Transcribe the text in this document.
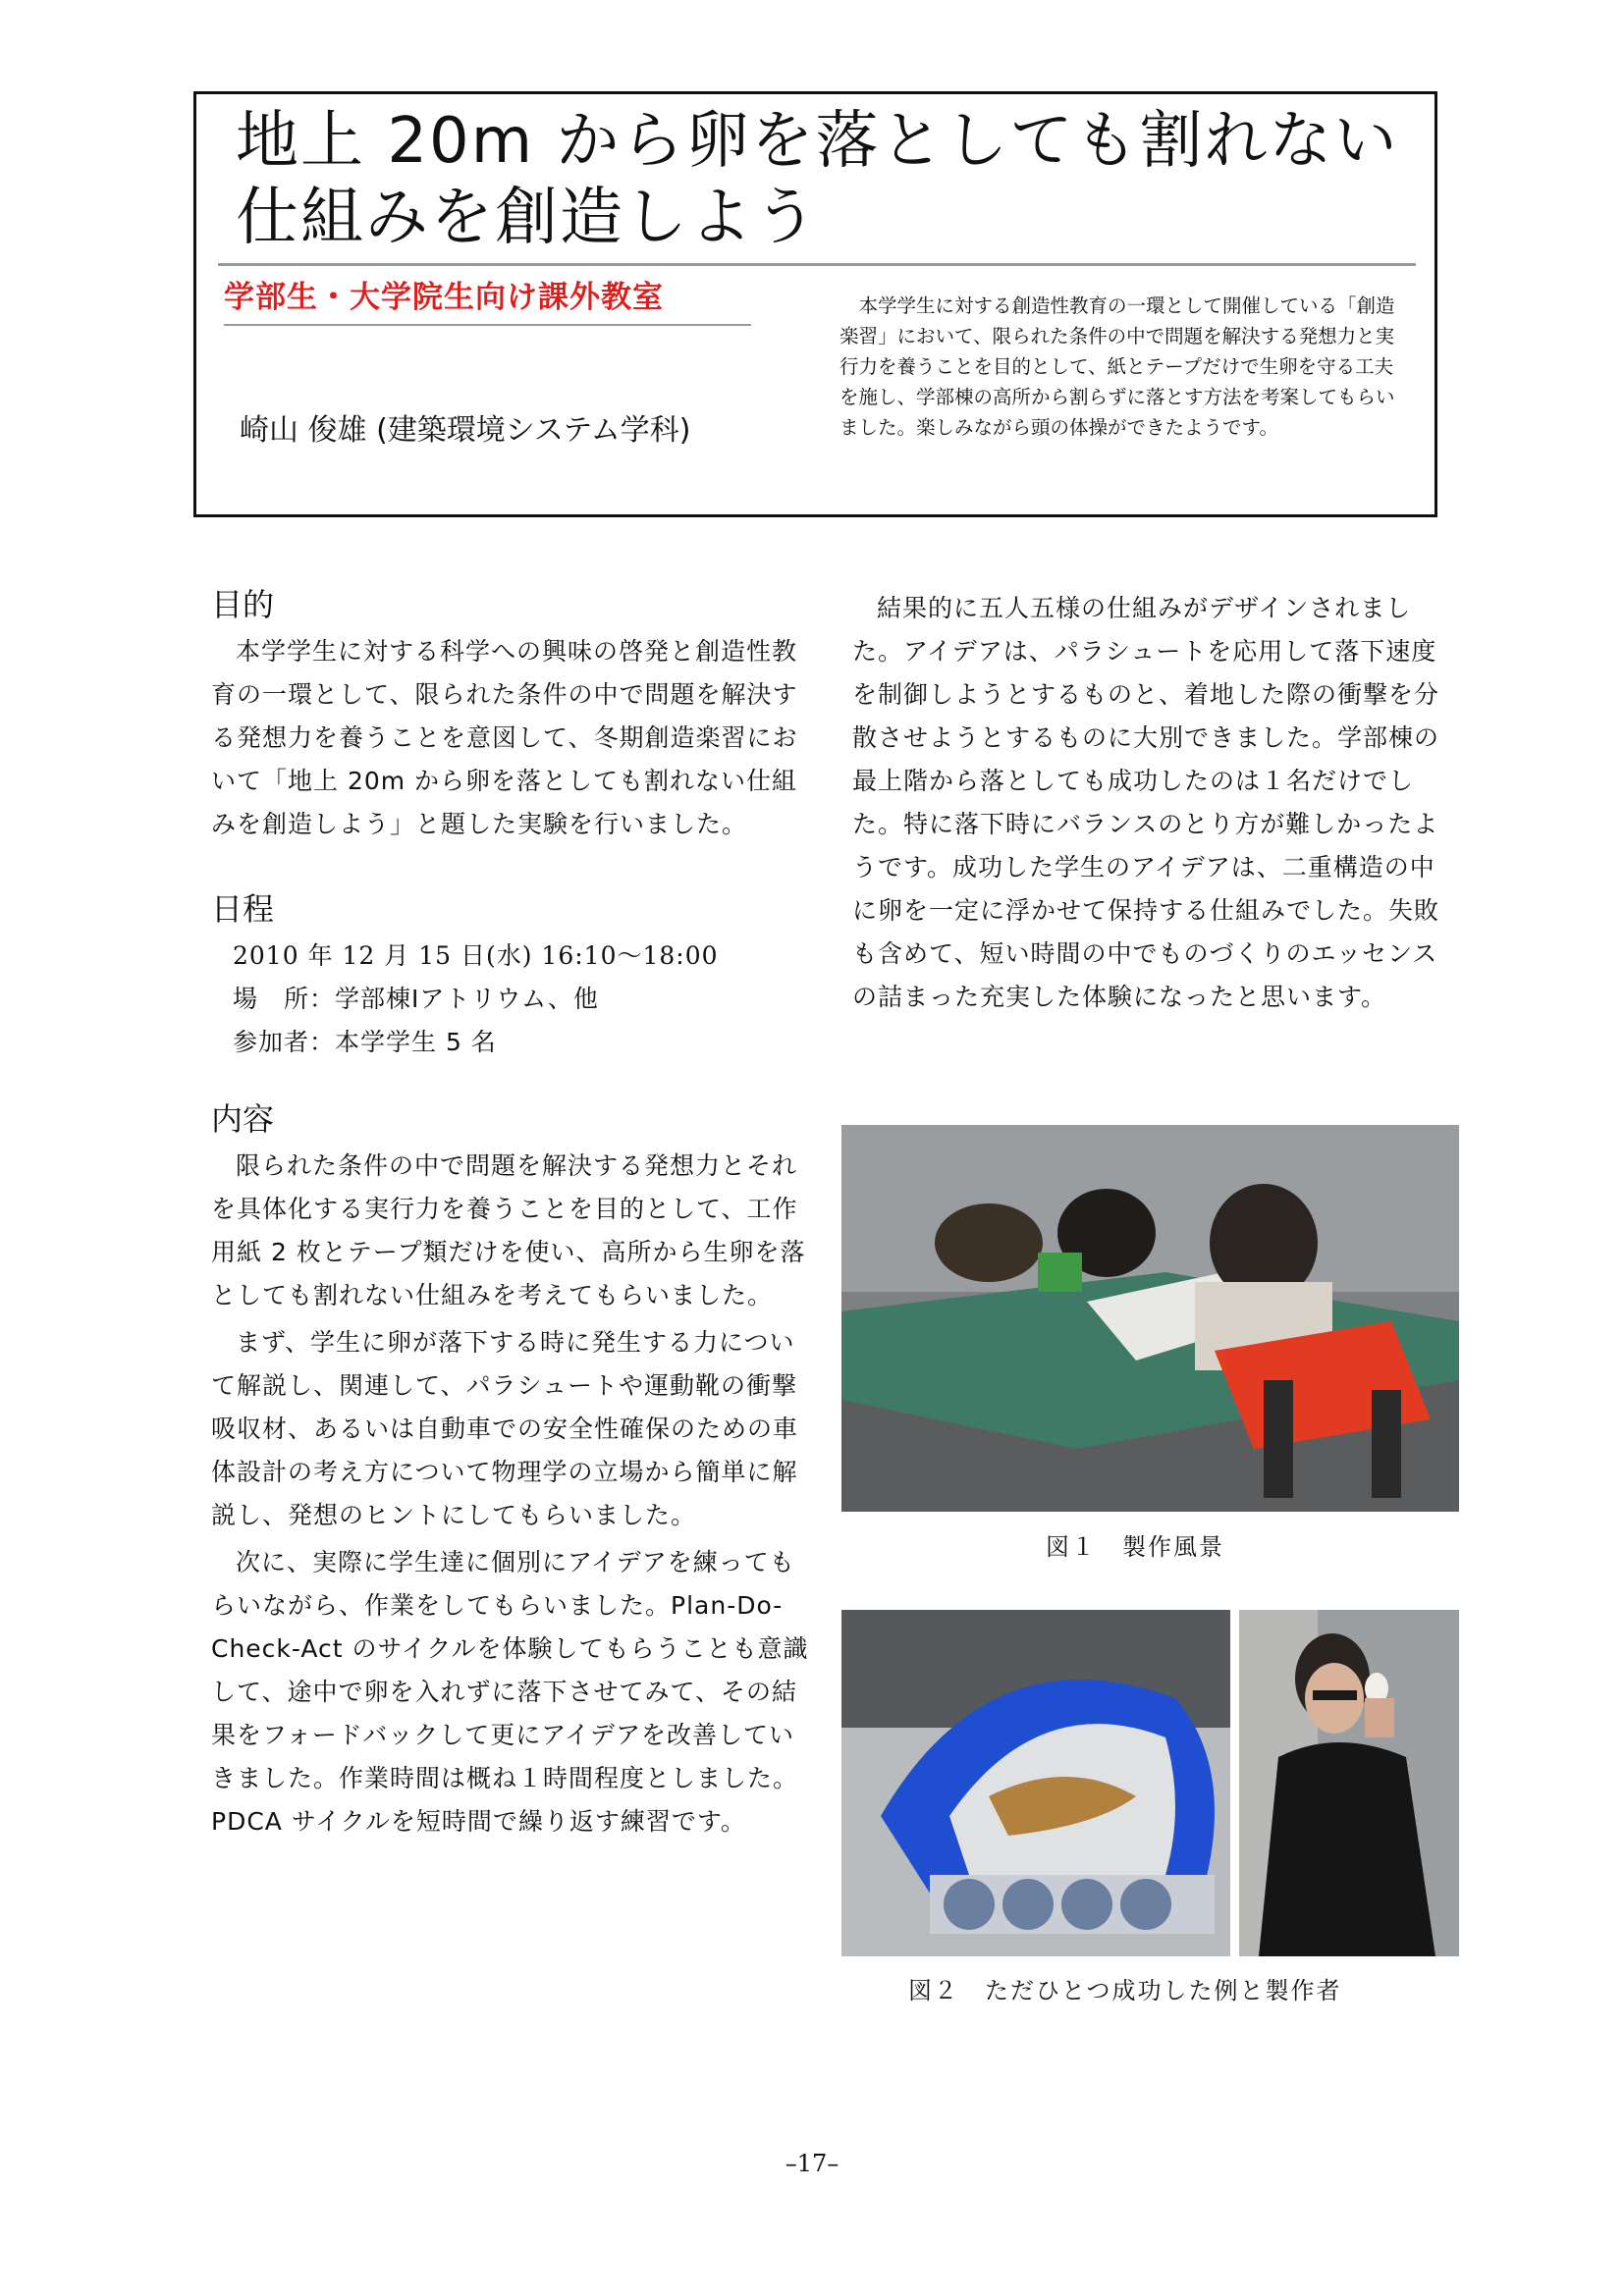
地上 20m から卵を落としても割れない
仕組みを創造しよう
学部生・大学院生向け課外教室
崎山 俊雄 (建築環境システム学科)

本学学生に対する創造性教育の一環として開催している「創造楽習」において、限られた条件の中で問題を解決する発想力と実行力を養うことを目的として、紙とテープだけで生卵を守る工夫を施し、学部棟の高所から割らずに落とす方法を考案してもらいました。楽しみながら頭の体操ができたようです。

目的

本学学生に対する科学への興味の啓発と創造性教育の一環として、限られた条件の中で問題を解決する発想力を養うことを意図して、冬期創造楽習において「地上 20m から卵を落としても割れない仕組みを創造しよう」と題した実験を行いました。

日程

2010 年 12 月 15 日(水) 16:10～18:00

場　所：学部棟Ⅰアトリウム、他

参加者：本学学生 5 名

内容

限られた条件の中で問題を解決する発想力とそれを具体化する実行力を養うことを目的として、工作用紙 2 枚とテープ類だけを使い、高所から生卵を落としても割れない仕組みを考えてもらいました。

まず、学生に卵が落下する時に発生する力について解説し、関連して、パラシュートや運動靴の衝撃吸収材、あるいは自動車での安全性確保のための車体設計の考え方について物理学の立場から簡単に解説し、発想のヒントにしてもらいました。

次に、実際に学生達に個別にアイデアを練ってもらいながら、作業をしてもらいました。Plan-Do-Check-Act のサイクルを体験してもらうことも意識して、途中で卵を入れずに落下させてみて、その結果をフォードバックして更にアイデアを改善していきました。作業時間は概ね１時間程度としました。PDCA サイクルを短時間で繰り返す練習です。

結果的に五人五様の仕組みがデザインされました。アイデアは、パラシュートを応用して落下速度を制御しようとするものと、着地した際の衝撃を分散させようとするものに大別できました。学部棟の最上階から落としても成功したのは１名だけでした。特に落下時にバランスのとり方が難しかったようです。成功した学生のアイデアは、二重構造の中に卵を一定に浮かせて保持する仕組みでした。失敗も含めて、短い時間の中でものづくりのエッセンスの詰まった充実した体験になったと思います。

図１　製作風景
図２　ただひとつ成功した例と製作者
–17–
